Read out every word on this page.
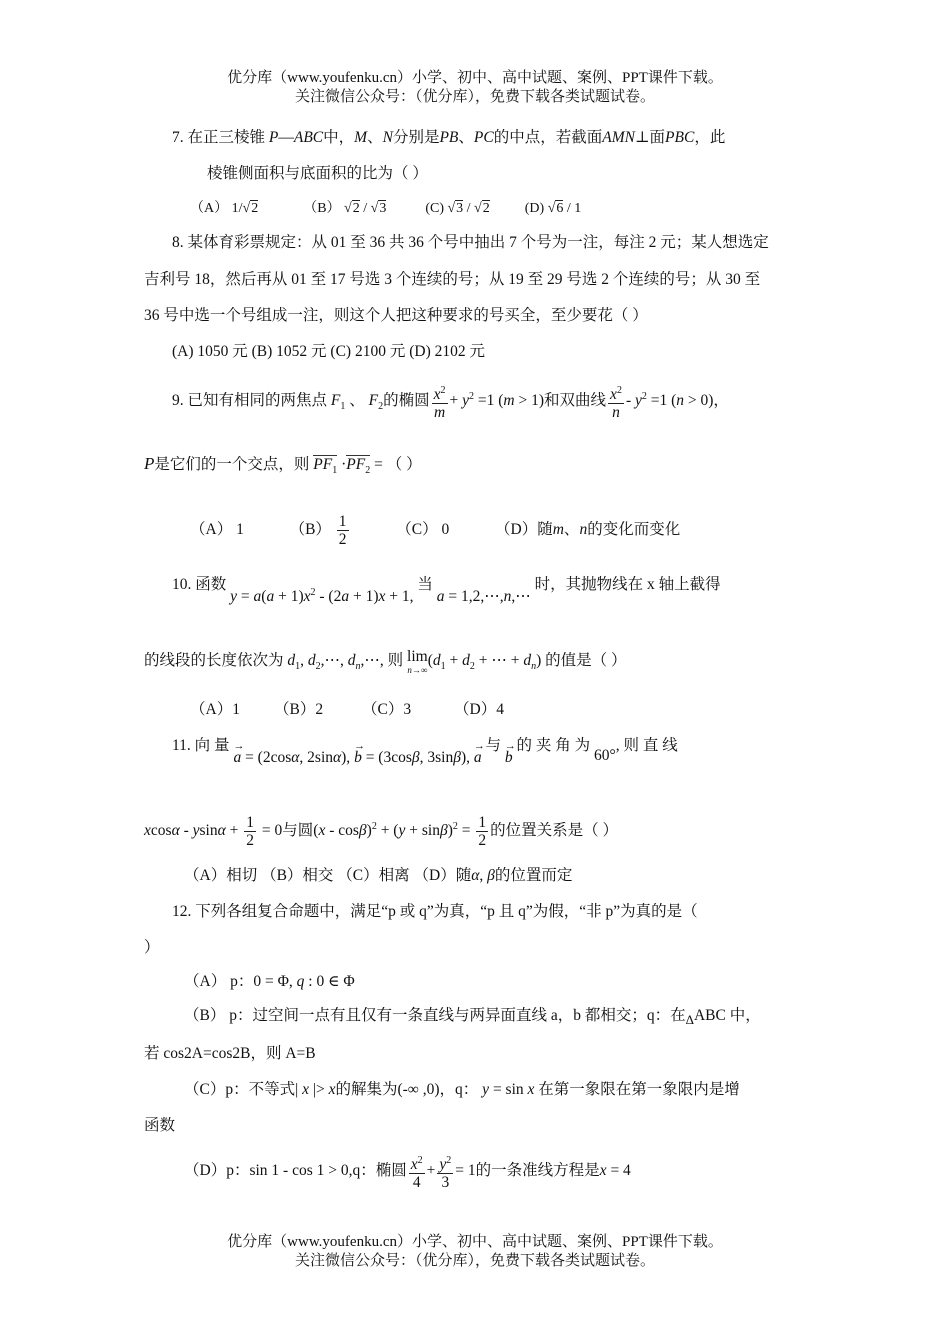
优分库（www.youfenku.cn）小学、初中、高中试题、案例、PPT课件下载。
关注微信公众号：（优分库），免费下载各类试题试卷。
7. 在正三棱锥 P—ABC中，M、N分别是PB、PC的中点，若截面AMN⊥面PBC，此
棱锥侧面积与底面积的比为（ ）
（A） 1/√2	（B） √2 / √3	(C) √3 / √2	(D) √6 / 1
8. 某体育彩票规定：从 01 至 36 共 36 个号中抽出 7 个号为一注，每注 2 元；某人想选定
吉利号 18，然后再从 01 至 17 号选 3 个连续的号；从 19 至 29 号选 2 个连续的号；从 30 至
36 号中选一个号组成一注，则这个人把这种要求的号买全，至少要花（ ）
(A) 1050 元 (B) 1052 元 (C) 2100 元 (D) 2102 元
9. 已知有相同的两焦点 $F_1$ 、 $F_2$的椭圆 $\frac{x^2}{m} + y^2 =1$ (m > 1)和双曲线 $\frac{x^2}{n} - y^2 =1$ (n > 0)，
P是它们的一个交点，则 $PF_1 \cdot PF_2$ = （ ）
（A） 1	$(B) \frac{1}{2}$	（C） 0	（D）随m、n的变化而变化
10. 函数 $y = a(a + 1)x^2 - (2a + 1)x + 1$, 当 a = 1,2,⋯,n,⋯ 时，其抛物线在 x 轴上截得
的线段的长度依次为 $d_1$, $d_2,\cdots$, $d_n,\cdots$, 则 lim

n→∞
($d_1 + d_2$ + ⋯ + $d_n$) 的值是（ ）
（A）1 （B）2	（C）3	（D）4
11. 向 量 → a = (2cosα, 2sinα), → b = (3cosβ, 3sinβ), → a 与 → b 的 夹 角 为 60°, 则 直 线
$xcos\alpha - ysin\alpha + \frac{1}{2} = 0$与圆$(x - \cos\beta)^2 + (y + \sin\beta)^2 = \frac{1}{2}$ 的位置关系是（ ）
（A）相切 （B）相交 （C）相离 （D）随α, β的位置而定
12. 下列各组复合命题中，满足“p 或 q”为真，“p 且 q”为假，“非 p”为真的是（
）
（A） p：0 = Φ, q : 0 ∈ Φ
（B） p：过空间一点有且仅有一条直线与两异面直线 a，b 都相交；q：在$_\Delta$ABC 中，
若 cos2A=cos2B，则 A=B
（C）p：不等式| x |> x的解集为(-∞ ,0)，q： y = sin x 在第一象限在第一象限内是增
函数
（D）p：sin 1 - cos 1 > 0,q：椭圆 $\frac{x^2}{4} + \frac{y^2}{3} = 1$的一条准线方程是x = 4
优分库（www.youfenku.cn）小学、初中、高中试题、案例、PPT课件下载。
关注微信公众号：（优分库），免费下载各类试题试卷。
